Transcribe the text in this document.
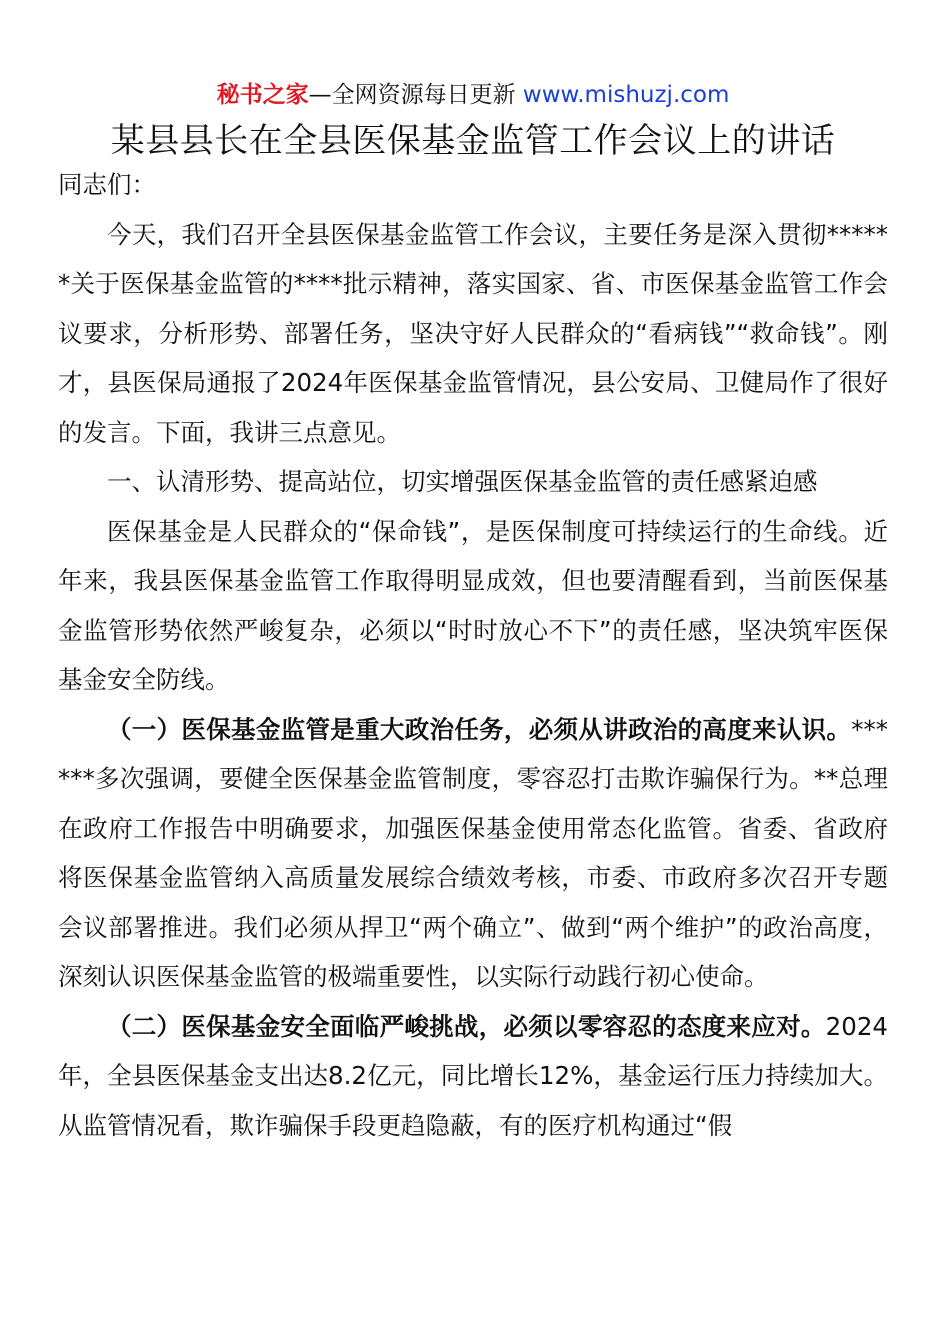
秘书之家—全网资源每日更新 www.mishuzj.com
某县县长在全县医保基金监管工作会议上的讲话

同志们：

今天，我们召开全县医保基金监管工作会议，主要任务是深入贯彻******关于医保基金监管的****批示精神，落实国家、省、市医保基金监管工作会议要求，分析形势、部署任务，坚决守好人民群众的“看病钱”“救命钱”。刚才，县医保局通报了2024年医保基金监管情况，县公安局、卫健局作了很好的发言。下面，我讲三点意见。

一、认清形势、提高站位，切实增强医保基金监管的责任感紧迫感

医保基金是人民群众的“保命钱”，是医保制度可持续运行的生命线。近年来，我县医保基金监管工作取得明显成效，但也要清醒看到，当前医保基金监管形势依然严峻复杂，必须以“时时放心不下”的责任感，坚决筑牢医保基金安全防线。

（一）医保基金监管是重大政治任务，必须从讲政治的高度来认识。******多次强调，要健全医保基金监管制度，零容忍打击欺诈骗保行为。**总理在政府工作报告中明确要求，加强医保基金使用常态化监管。省委、省政府将医保基金监管纳入高质量发展综合绩效考核，市委、市政府多次召开专题会议部署推进。我们必须从捍卫“两个确立”、做到“两个维护”的政治高度，深刻认识医保基金监管的极端重要性，以实际行动践行初心使命。

（二）医保基金安全面临严峻挑战，必须以零容忍的态度来应对。2024年，全县医保基金支出达8.2亿元，同比增长12%，基金运行压力持续加大。从监管情况看，欺诈骗保手段更趋隐蔽，有的医疗机构通过“假
